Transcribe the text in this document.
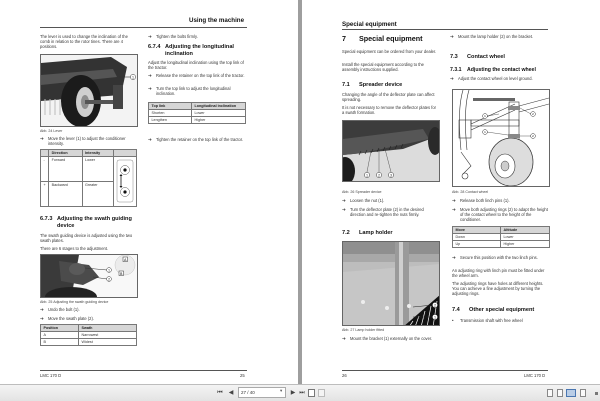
Using the machine
The lever is used to change the inclination of the comb in relation to the rotor tines. There are 4 positions.
1
Abb. 24 Lever
➔ Move the lever (1) to adjust the conditioner intensity.
	Direction	Intensity	
-	Forward	Lower	
+	Backward	Greater	
6.7.3 Adjusting the swath guiding device
The swath guiding device is adjusted using the two swath plates.
There are 6 stages to the adjustment.
1
2
A
B
Abb. 25 Adjusting the swath guiding device
➔ Undo the bolt (1).
➔ Move the swath plate (2).
Position	Swath
A	Narrowest
B	Widest
➔ Tighten the bolts firmly.
6.7.4 Adjusting the longitudinal inclination
Adjust the longitudinal inclination using the top link of the tractor.
➔ Release the retainer on the top link of the tractor.
➔ Turn the top link to adjust the longitudinal inclination.
Top link	Longitudinal inclination
Shorten	Lower
Lengthen	Higher
➔ Tighten the retainer on the top link of the tractor.
LMC 170 D	25
Special equipment
7 Special equipment
Special equipment can be ordered from your dealer.
Install the special equipment according to the assembly instructions supplied.
7.1 Spreader device
Changing the angle of the deflector plate can affect spreading.
It is not necessary to remove the deflector plates for a swath formation.
1	2	3
Abb. 26 Spreader device
➔ Loosen the nut (1).
➔ Turn the deflector plate (2) in the desired direction and re-tighten the nuts firmly.
7.2 Lamp holder
2
1
Abb. 27 Lamp holder fitted
➔ Mount the bracket (1) externally on the cover.
➔ Mount the lamp holder (2) on the bracket.
7.3 Contact wheel
7.3.1 Adjusting the contact wheel
➔ Adjust the contact wheel on level ground.
1	2
1
2
Abb. 28 Contact wheel
➔ Release both linch pins (1).
➔ Move both adjusting rings (2) to adapt the height of the contact wheel to the height of the conditioner.
Move	Altitude
Down	Lower
Up	Higher
➔ Secure this position with the two linch pins.
An adjusting ring with linch pin must be fitted under the wheel arm.
The adjusting rings have holes at different heights. You can achieve a fine adjustment by turning the adjusting rings.
7.4 Other special equipment
• Transmission shaft with free wheel
26	LMC 170 D
⏮ ◀	27 / 40	▾ ▶ ⏭
